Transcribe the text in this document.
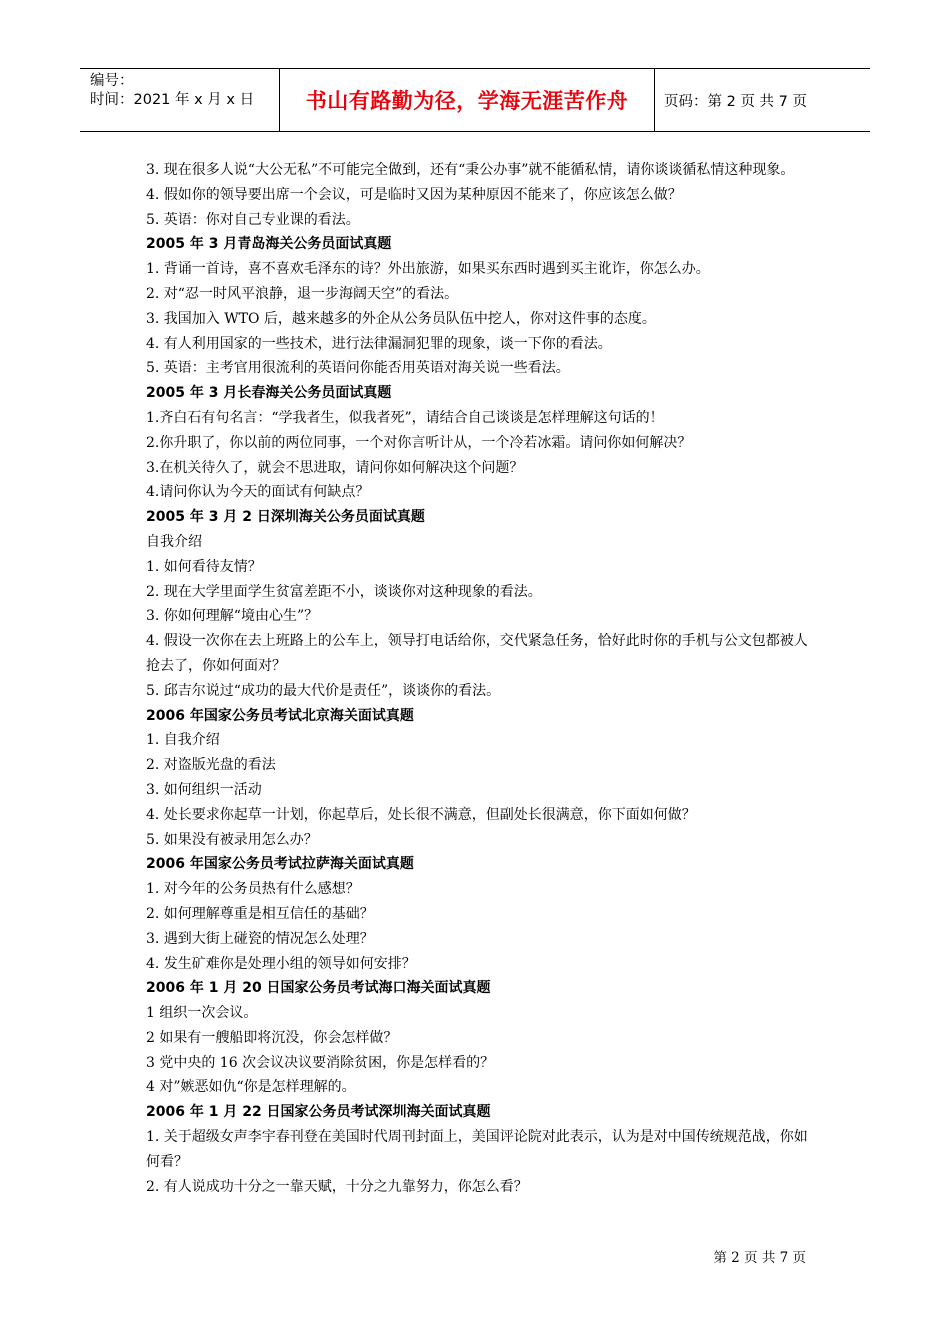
编号：
时间：2021 年 x 月 x 日	书山有路勤为径，学海无涯苦作舟	页码：第 2 页 共 7 页

3. 现在很多人说“大公无私”不可能完全做到，还有“秉公办事”就不能循私情，请你谈谈循私情这种现象。

4. 假如你的领导要出席一个会议，可是临时又因为某种原因不能来了，你应该怎么做？

5. 英语：你对自己专业课的看法。

2005 年 3 月青岛海关公务员面试真题

1. 背诵一首诗，喜不喜欢毛泽东的诗？外出旅游，如果买东西时遇到买主讹诈，你怎么办。

2. 对“忍一时风平浪静，退一步海阔天空”的看法。

3. 我国加入 WTO 后，越来越多的外企从公务员队伍中挖人，你对这件事的态度。

4. 有人利用国家的一些技术，进行法律漏洞犯罪的现象，谈一下你的看法。

5. 英语：主考官用很流利的英语问你能否用英语对海关说一些看法。

2005 年 3 月长春海关公务员面试真题

1.齐白石有句名言：“学我者生，似我者死”，请结合自己谈谈是怎样理解这句话的！

2.你升职了，你以前的两位同事，一个对你言听计从，一个冷若冰霜。请问你如何解决？

3.在机关待久了，就会不思进取，请问你如何解决这个问题？

4.请问你认为今天的面试有何缺点？

2005 年 3 月 2 日深圳海关公务员面试真题

自我介绍

1. 如何看待友情？

2. 现在大学里面学生贫富差距不小，谈谈你对这种现象的看法。

3. 你如何理解“境由心生”？

4. 假设一次你在去上班路上的公车上，领导打电话给你，交代紧急任务，恰好此时你的手机与公文包都被人抢去了，你如何面对？

5. 邱吉尔说过“成功的最大代价是责任”，谈谈你的看法。

2006 年国家公务员考试北京海关面试真题

1. 自我介绍

2. 对盗版光盘的看法

3. 如何组织一活动

4. 处长要求你起草一计划，你起草后，处长很不满意，但副处长很满意，你下面如何做？

5. 如果没有被录用怎么办？

2006 年国家公务员考试拉萨海关面试真题

1. 对今年的公务员热有什么感想？

2. 如何理解尊重是相互信任的基础？

3. 遇到大街上碰瓷的情况怎么处理？

4. 发生矿难你是处理小组的领导如何安排？

2006 年 1 月 20 日国家公务员考试海口海关面试真题

1 组织一次会议。

2 如果有一艘船即将沉没，你会怎样做？

3 党中央的 16 次会议决议要消除贫困，你是怎样看的？

4 对”嫉恶如仇“你是怎样理解的。

2006 年 1 月 22 日国家公务员考试深圳海关面试真题

1. 关于超级女声李宇春刊登在美国时代周刊封面上，美国评论院对此表示，认为是对中国传统规范战，你如何看？

2. 有人说成功十分之一靠天赋，十分之九靠努力，你怎么看？

第 2 页 共 7 页
